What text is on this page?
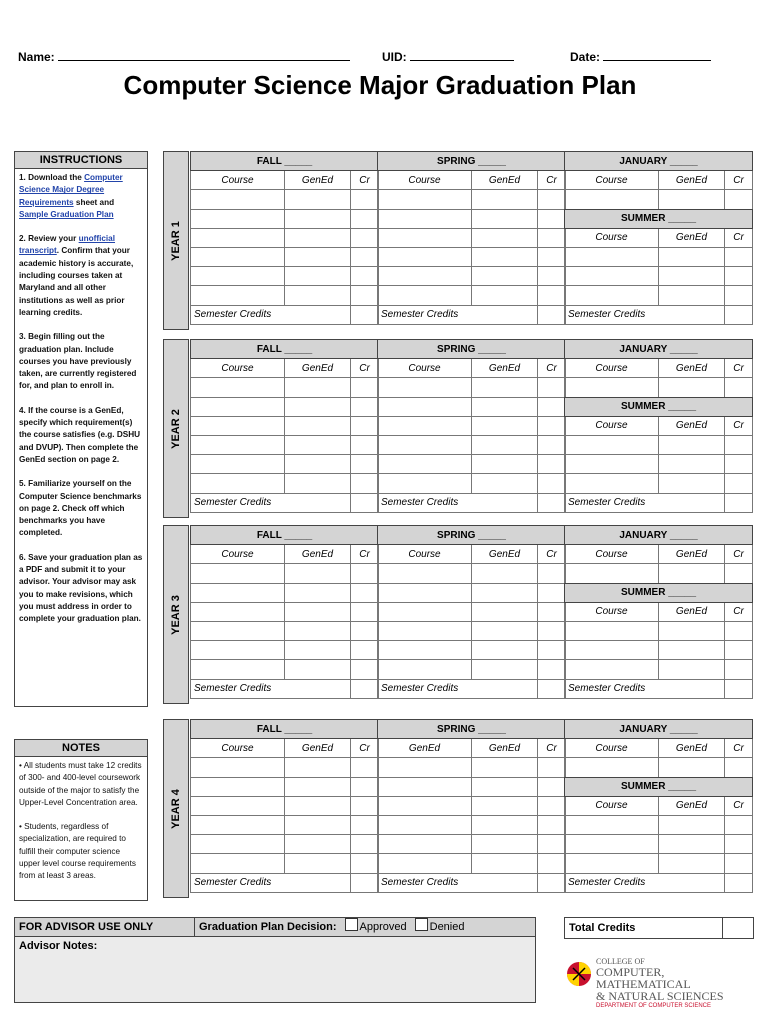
Name:	UID:	Date:
Computer Science Major Graduation Plan
INSTRUCTIONS

1. Download the Computer Science Major Degree Requirements sheet and Sample Graduation Plan

2. Review your unofficial transcript. Confirm that your academic history is accurate, including courses taken at Maryland and all other institutions as well as prior learning credits.

3. Begin filling out the graduation plan. Include courses you have previously taken, are currently registered for, and plan to enroll in.

4. If the course is a GenEd, specify which requirement(s) the course satisfies (e.g. DSHU and DVUP). Then complete the GenEd section on page 2.

5. Familiarize yourself on the Computer Science benchmarks on page 2. Check off which benchmarks you have completed.

6. Save your graduation plan as a PDF and submit it to your advisor. Your advisor may ask you to make revisions, which you must address in order to complete your graduation plan.

NOTES

• All students must take 12 credits of 300- and 400-level coursework outside of the major to satisfy the Upper-Level Concentration area.

• Students, regardless of specialization, are required to fulfill their computer science upper level course requirements from at least 3 areas.

YEAR 1
FALL _____		
Course	GenEd	Cr

Semester Credits		
SPRING _____		
Course	GenEd	Cr

Semester Credits		
JANUARY _____		
Course	GenEd	Cr

SUMMER _____		
Course	GenEd	Cr

Semester Credits		
YEAR 2
FALL _____		
Course	GenEd	Cr

Semester Credits		
SPRING _____		
Course	GenEd	Cr

Semester Credits		
JANUARY _____		
Course	GenEd	Cr

SUMMER _____		
Course	GenEd	Cr

Semester Credits		
YEAR 3
FALL _____		
Course	GenEd	Cr

Semester Credits		
SPRING _____		
Course	GenEd	Cr

Semester Credits		
JANUARY _____		
Course	GenEd	Cr

SUMMER _____		
Course	GenEd	Cr

Semester Credits		
YEAR 4
FALL _____		
Course	GenEd	Cr

Semester Credits		
SPRING _____		
GenEd	GenEd	Cr

Semester Credits		
JANUARY _____		
Course	GenEd	Cr

SUMMER _____		
Course	GenEd	Cr

Semester Credits		
FOR ADVISOR USE ONLY	Graduation Plan Decision: Approved Denied
Advisor Notes:
Total Credits
COLLEGE OF
COMPUTER, MATHEMATICAL
& NATURAL SCIENCES
DEPARTMENT OF COMPUTER SCIENCE
